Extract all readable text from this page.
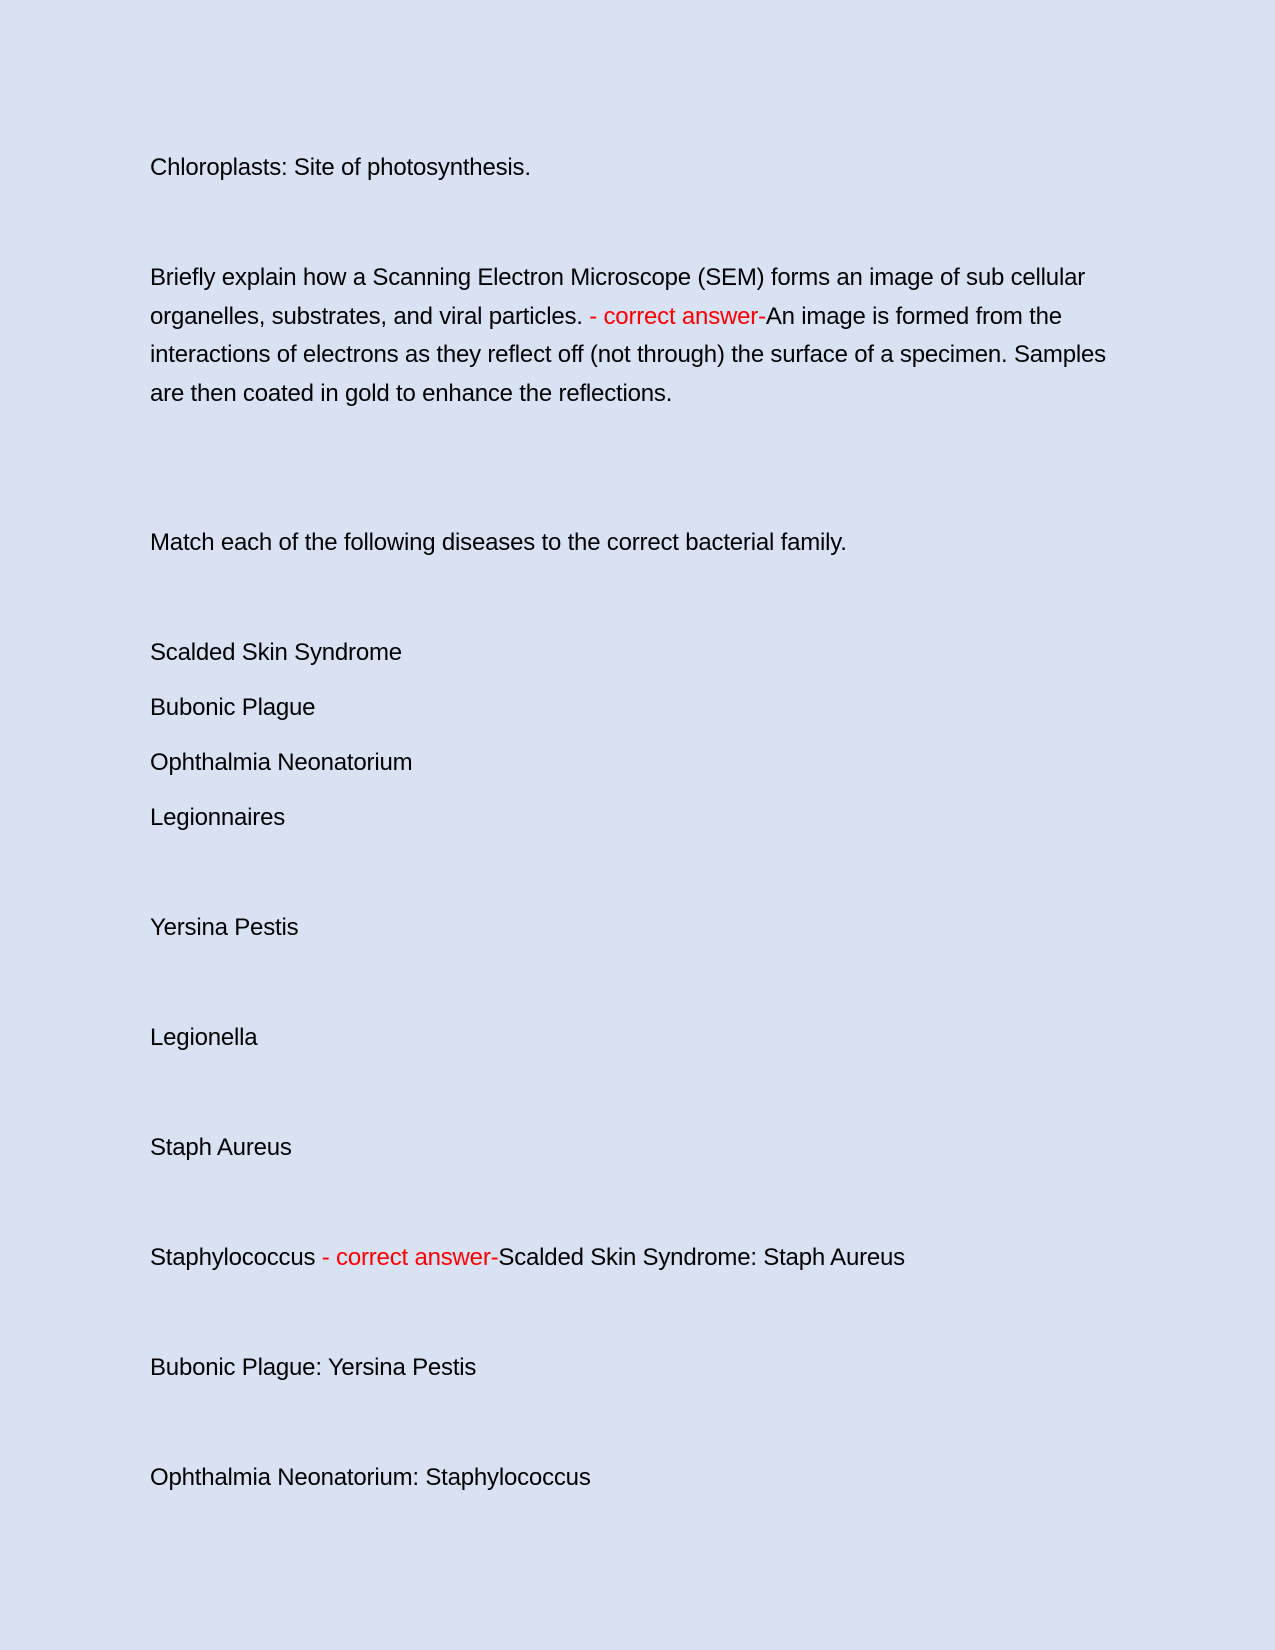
Chloroplasts: Site of photosynthesis.
Briefly explain how a Scanning Electron Microscope (SEM) forms an image of sub cellular organelles, substrates, and viral particles. - correct answer-An image is formed from the interactions of electrons as they reflect off (not through) the surface of a specimen. Samples are then coated in gold to enhance the reflections.
Match each of the following diseases to the correct bacterial family.
Scalded Skin Syndrome
Bubonic Plague
Ophthalmia Neonatorium
Legionnaires
Yersina Pestis
Legionella
Staph Aureus
Staphylococcus - correct answer-Scalded Skin Syndrome: Staph Aureus
Bubonic Plague: Yersina Pestis
Ophthalmia Neonatorium: Staphylococcus
